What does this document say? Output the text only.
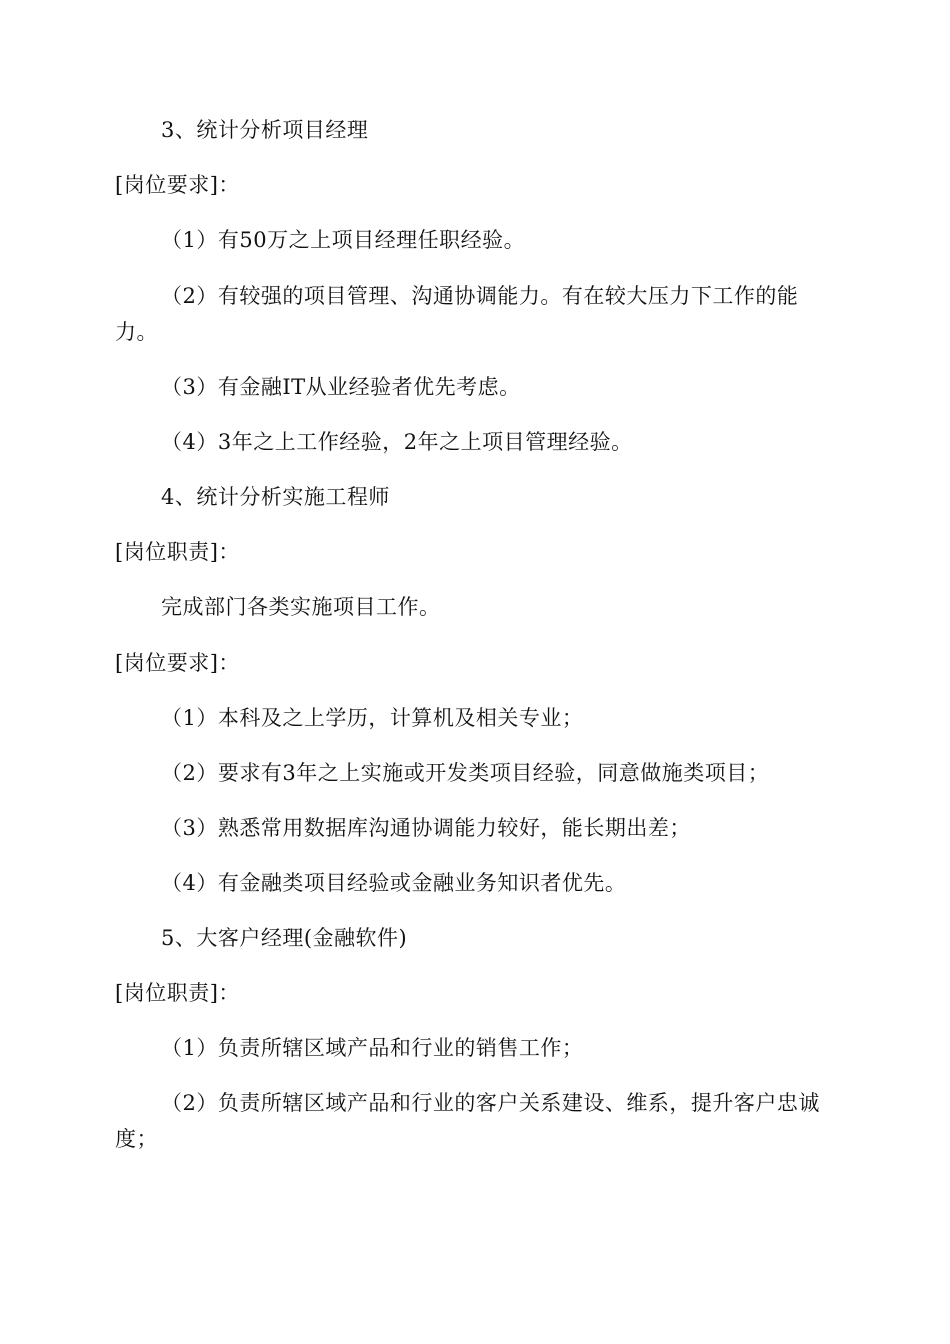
3、统计分析项目经理
[岗位要求]：
（1）有50万之上项目经理任职经验。
（2）有较强的项目管理、沟通协调能力。有在较大压力下工作的能力。
（3）有金融IT从业经验者优先考虑。
（4）3年之上工作经验，2年之上项目管理经验。
4、统计分析实施工程师
[岗位职责]：
完成部门各类实施项目工作。
[岗位要求]：
（1）本科及之上学历，计算机及相关专业；
（2）要求有3年之上实施或开发类项目经验，同意做施类项目；
（3）熟悉常用数据库沟通协调能力较好，能长期出差；
（4）有金融类项目经验或金融业务知识者优先。
5、大客户经理(金融软件)
[岗位职责]：
（1）负责所辖区域产品和行业的销售工作；
（2）负责所辖区域产品和行业的客户关系建设、维系，提升客户忠诚度；
